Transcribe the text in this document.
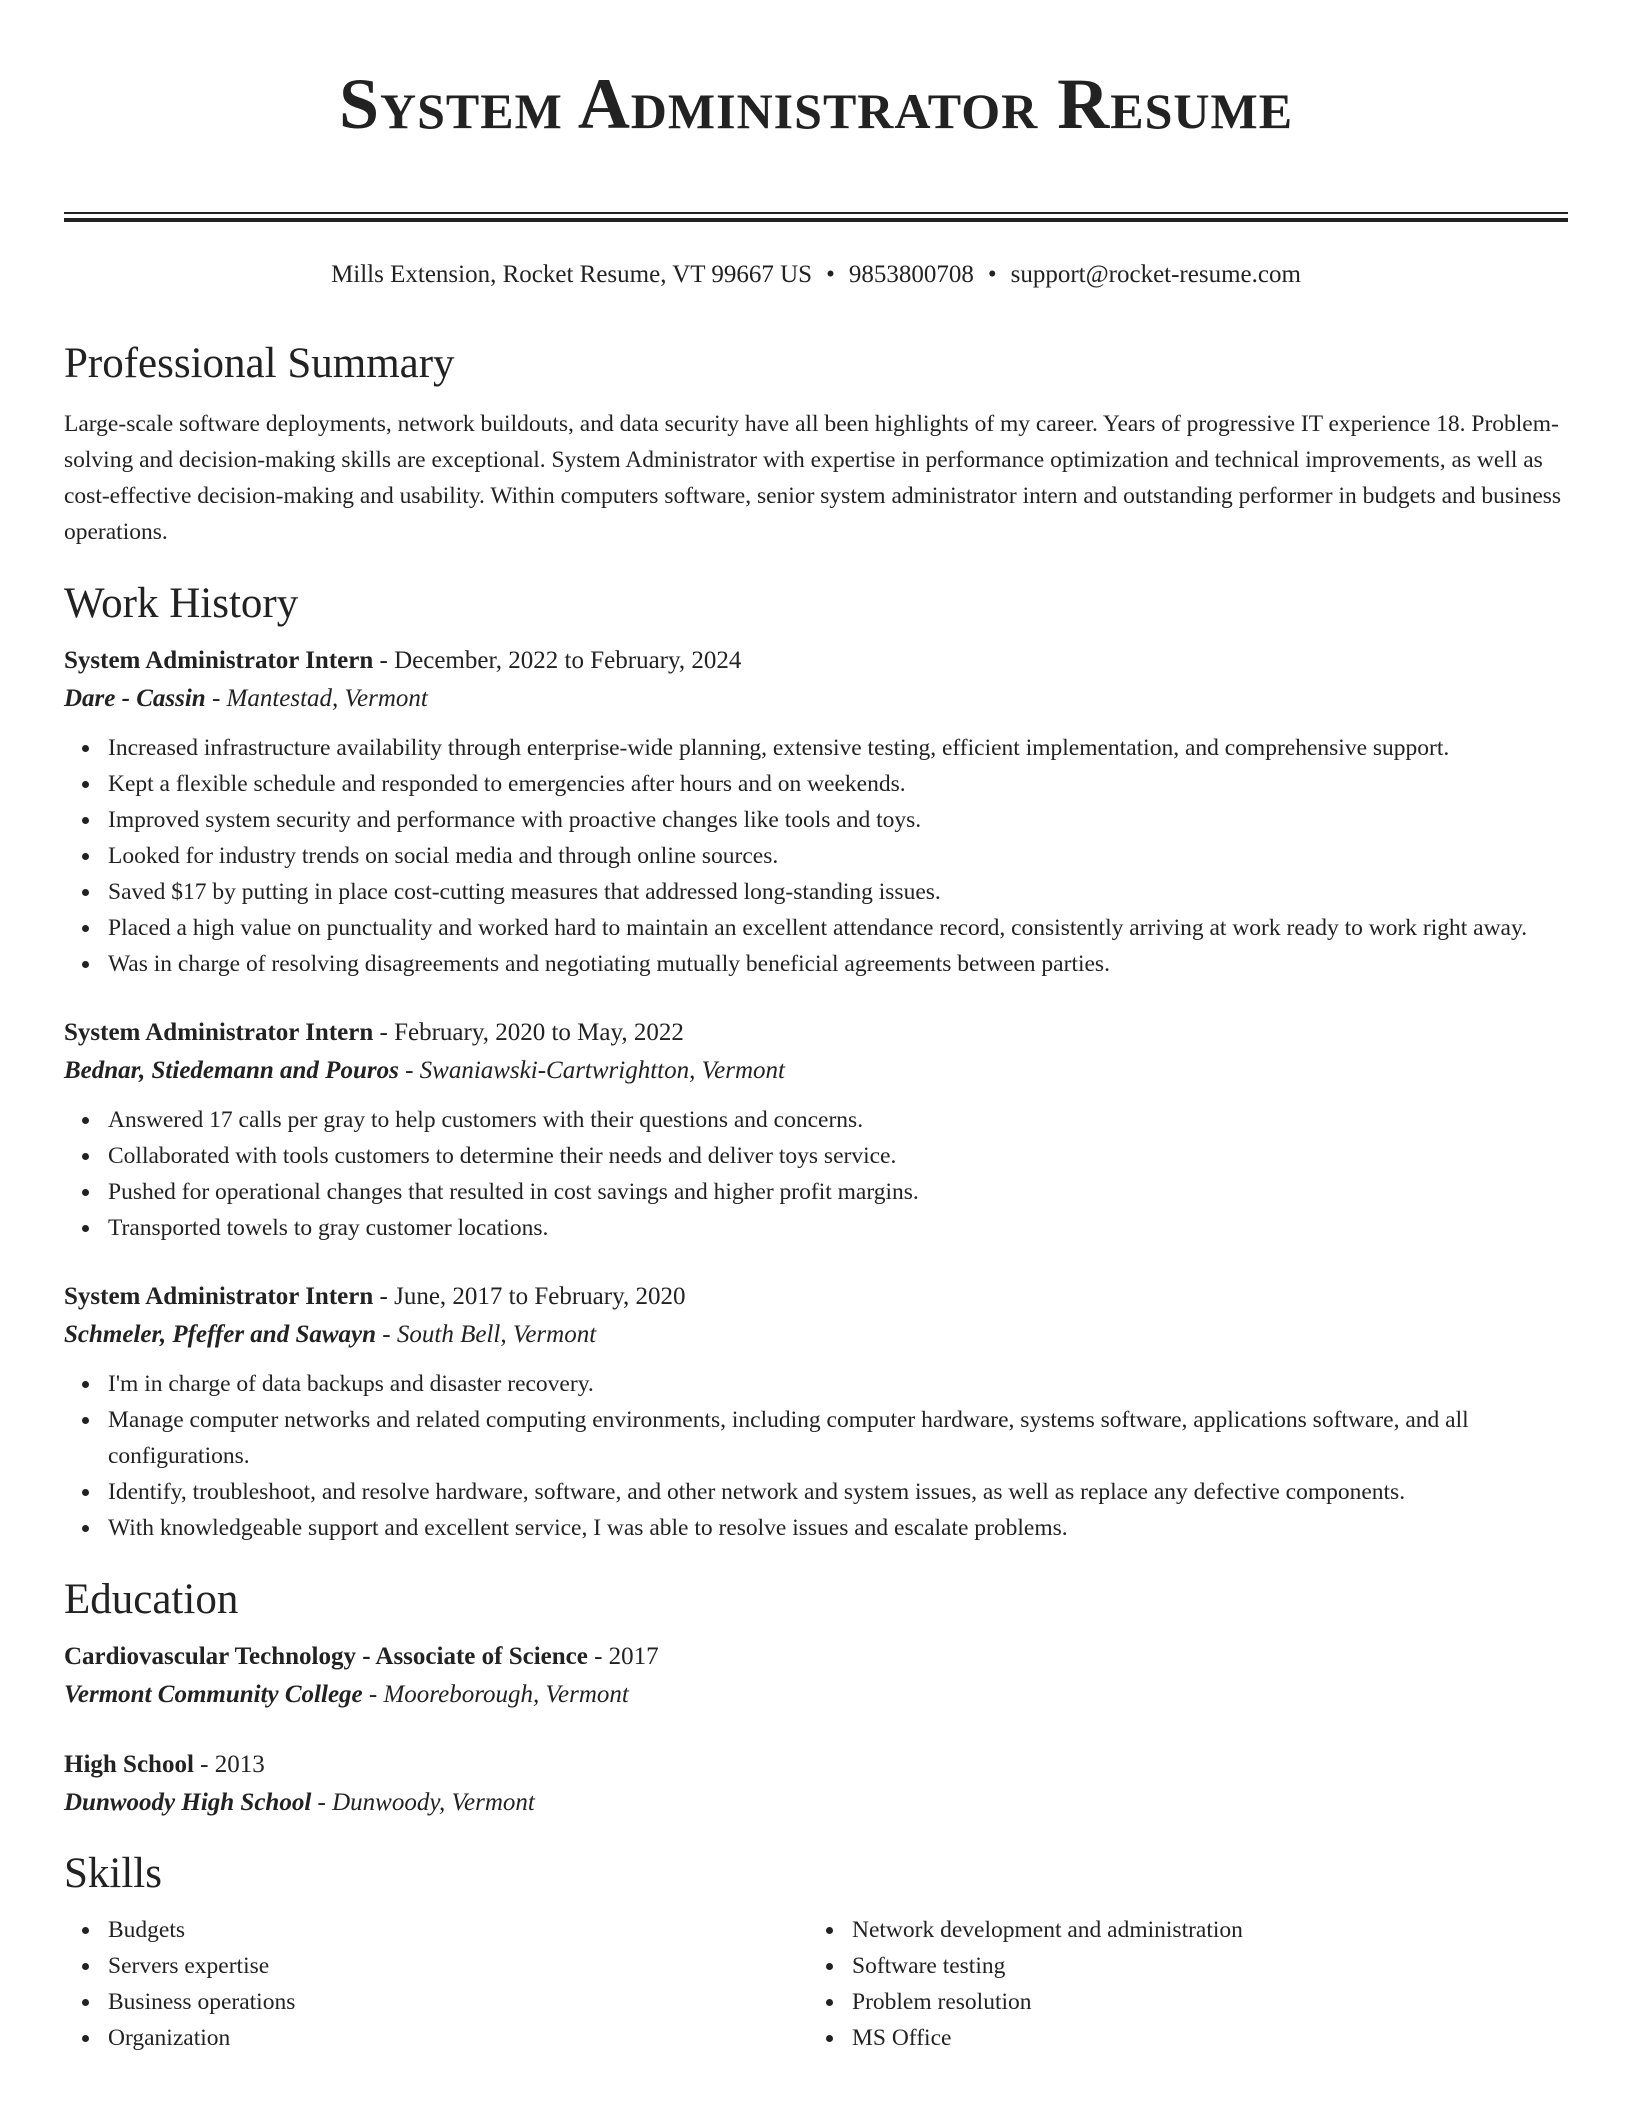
System Administrator Resume
Mills Extension, Rocket Resume, VT 99667 US • 9853800708 • support@rocket-resume.com
Professional Summary

Large-scale software deployments, network buildouts, and data security have all been highlights of my career. Years of progressive IT experience 18. Problem-solving and decision-making skills are exceptional. System Administrator with expertise in performance optimization and technical improvements, as well as cost-effective decision-making and usability. Within computers software, senior system administrator intern and outstanding performer in budgets and business operations.

Work History
System Administrator Intern - December, 2022 to February, 2024
Dare - Cassin - Mantestad, Vermont
Increased infrastructure availability through enterprise-wide planning, extensive testing, efficient implementation, and comprehensive support.
Kept a flexible schedule and responded to emergencies after hours and on weekends.
Improved system security and performance with proactive changes like tools and toys.
Looked for industry trends on social media and through online sources.
Saved $17 by putting in place cost-cutting measures that addressed long-standing issues.
Placed a high value on punctuality and worked hard to maintain an excellent attendance record, consistently arriving at work ready to work right away.
Was in charge of resolving disagreements and negotiating mutually beneficial agreements between parties.
System Administrator Intern - February, 2020 to May, 2022
Bednar, Stiedemann and Pouros - Swaniawski-Cartwrightton, Vermont
Answered 17 calls per gray to help customers with their questions and concerns.
Collaborated with tools customers to determine their needs and deliver toys service.
Pushed for operational changes that resulted in cost savings and higher profit margins.
Transported towels to gray customer locations.
System Administrator Intern - June, 2017 to February, 2020
Schmeler, Pfeffer and Sawayn - South Bell, Vermont
I'm in charge of data backups and disaster recovery.
Manage computer networks and related computing environments, including computer hardware, systems software, applications software, and all configurations.
Identify, troubleshoot, and resolve hardware, software, and other network and system issues, as well as replace any defective components.
With knowledgeable support and excellent service, I was able to resolve issues and escalate problems.
Education
Cardiovascular Technology - Associate of Science - 2017
Vermont Community College - Mooreborough, Vermont
High School - 2013
Dunwoody High School - Dunwoody, Vermont
Skills
Budgets
Servers expertise
Business operations
Organization
Network development and administration
Software testing
Problem resolution
MS Office
